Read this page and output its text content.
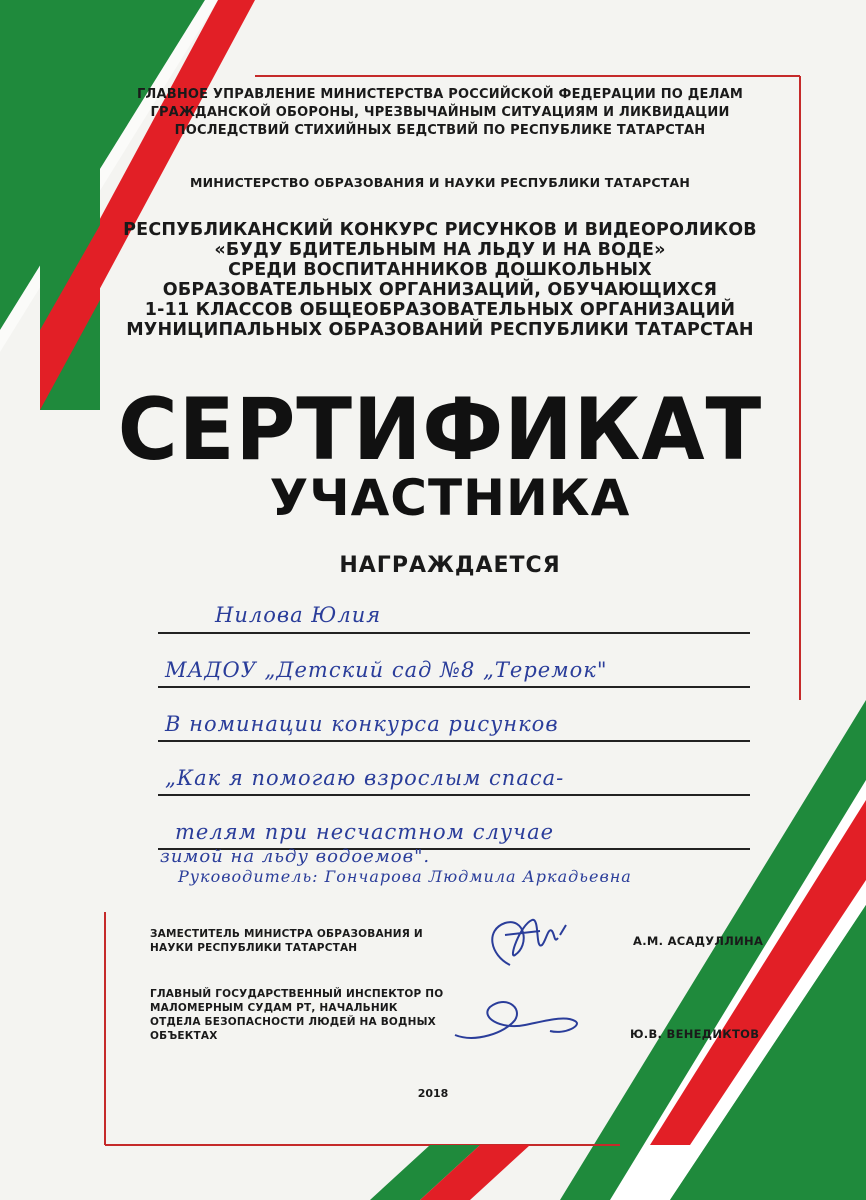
ГЛАВНОЕ УПРАВЛЕНИЕ МИНИСТЕРСТВА РОССИЙСКОЙ ФЕДЕРАЦИИ ПО ДЕЛАМ ГРАЖДАНСКОЙ ОБОРОНЫ, ЧРЕЗВЫЧАЙНЫМ СИТУАЦИЯМ И ЛИКВИДАЦИИ ПОСЛЕДСТВИЙ СТИХИЙНЫХ БЕДСТВИЙ ПО РЕСПУБЛИКЕ ТАТАРСТАН
МИНИСТЕРСТВО ОБРАЗОВАНИЯ И НАУКИ РЕСПУБЛИКИ ТАТАРСТАН
РЕСПУБЛИКАНСКИЙ КОНКУРС РИСУНКОВ И ВИДЕОРОЛИКОВ
«БУДУ БДИТЕЛЬНЫМ НА ЛЬДУ И НА ВОДЕ»
СРЕДИ ВОСПИТАННИКОВ ДОШКОЛЬНЫХ
ОБРАЗОВАТЕЛЬНЫХ ОРГАНИЗАЦИЙ, ОБУЧАЮЩИХСЯ
1-11 КЛАССОВ ОБЩЕОБРАЗОВАТЕЛЬНЫХ ОРГАНИЗАЦИЙ
МУНИЦИПАЛЬНЫХ ОБРАЗОВАНИЙ РЕСПУБЛИКИ ТАТАРСТАН
СЕРТИФИКАТ
УЧАСТНИКА
НАГРАЖДАЕТСЯ
Нилова Юлия
МАДОУ „Детский сад №8 „Теремок"
В номинации конкурса рисунков
„Как я помогаю взрослым спаса-
телям при несчастном случае
зимой на льду водоемов".
Руководитель: Гончарова Людмила Аркадьевна
ЗАМЕСТИТЕЛЬ МИНИСТРА ОБРАЗОВАНИЯ И НАУКИ РЕСПУБЛИКИ ТАТАРСТАН	А.М. АСАДУЛЛИНА
ГЛАВНЫЙ ГОСУДАРСТВЕННЫЙ ИНСПЕКТОР ПО МАЛОМЕРНЫМ СУДАМ РТ, НАЧАЛЬНИК ОТДЕЛА БЕЗОПАСНОСТИ ЛЮДЕЙ НА ВОДНЫХ ОБЪЕКТАХ	Ю.В. ВЕНЕДИКТОВ
2018
